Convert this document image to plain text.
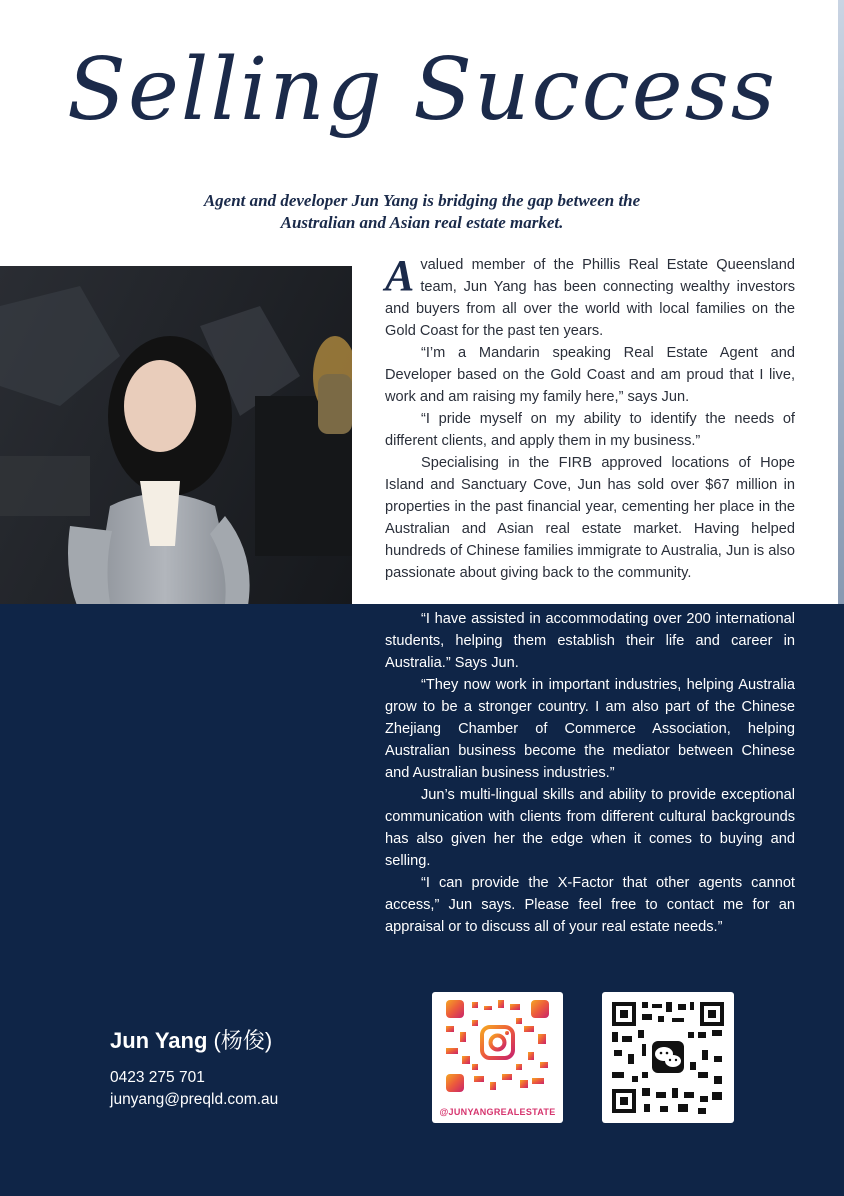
Selling Success
Agent and developer Jun Yang is bridging the gap between the Australian and Asian real estate market.

A valued member of the Phillis Real Estate Queensland team, Jun Yang has been connecting wealthy investors and buyers from all over the world with local families on the Gold Coast for the past ten years.

“I’m a Mandarin speaking Real Estate Agent and Developer based on the Gold Coast and am proud that I live, work and am raising my family here,” says Jun.

“I pride myself on my ability to identify the needs of different clients, and apply them in my business.”

Specialising in the FIRB approved locations of Hope Island and Sanctuary Cove, Jun has sold over $67 million in properties in the past financial year, cementing her place in the Australian and Asian real estate market. Having helped hundreds of Chinese families immigrate to Australia, Jun is also passionate about giving back to the community.

“I have assisted in accommodating over 200 international students, helping them establish their life and career in Australia.” Says Jun.

“They now work in important industries, helping Australia grow to be a stronger country. I am also part of the Chinese Zhejiang Chamber of Commerce Association, helping Australian business become the mediator between Chinese and Australian business industries.”

Jun’s multi-lingual skills and ability to provide exceptional communication with clients from different cultural backgrounds has also given her the edge when it comes to buying and selling.

“I can provide the X-Factor that other agents cannot access,” Jun says. Please feel free to contact me for an appraisal or to discuss all of your real estate needs.”

Jun Yang (杨俊)
0423 275 701
junyang@preqld.com.au
@JUNYANGREALESTATE
